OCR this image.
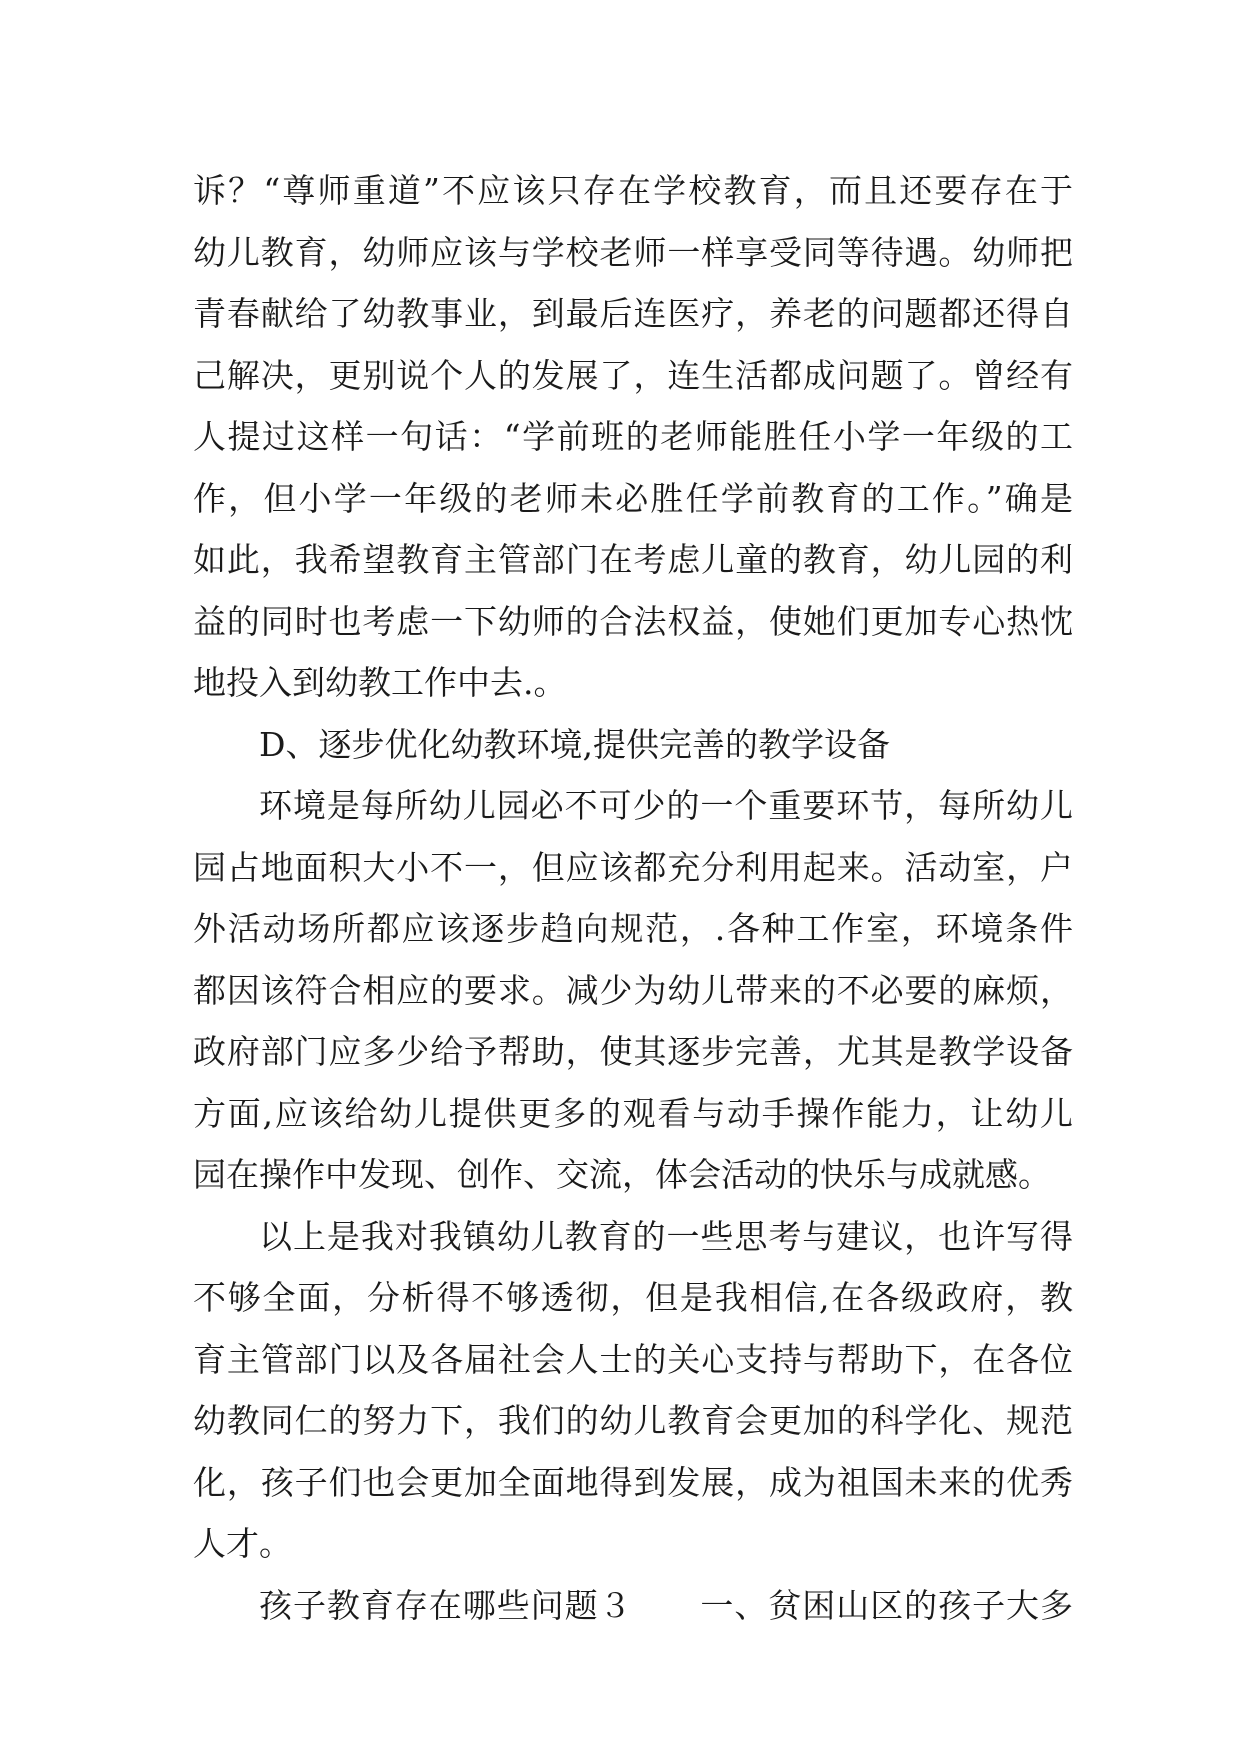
诉？“尊师重道”不应该只存在学校教育，而且还要存在于
幼儿教育，幼师应该与学校老师一样享受同等待遇。幼师把
青春献给了幼教事业，到最后连医疗，养老的问题都还得自
己解决，更别说个人的发展了，连生活都成问题了。曾经有
人提过这样一句话：“学前班的老师能胜任小学一年级的工
作，但小学一年级的老师未必胜任学前教育的工作。”确是
如此，我希望教育主管部门在考虑儿童的教育，幼儿园的利
益的同时也考虑一下幼师的合法权益，使她们更加专心热忱
地投入到幼教工作中去.。
D、逐步优化幼教环境,提供完善的教学设备
环境是每所幼儿园必不可少的一个重要环节，每所幼儿
园占地面积大小不一，但应该都充分利用起来。活动室，户
外活动场所都应该逐步趋向规范，.各种工作室，环境条件
都因该符合相应的要求。减少为幼儿带来的不必要的麻烦，
政府部门应多少给予帮助，使其逐步完善，尤其是教学设备
方面,应该给幼儿提供更多的观看与动手操作能力，让幼儿
园在操作中发现、创作、交流，体会活动的快乐与成就感。
以上是我对我镇幼儿教育的一些思考与建议，也许写得
不够全面，分析得不够透彻，但是我相信,在各级政府，教
育主管部门以及各届社会人士的关心支持与帮助下，在各位
幼教同仁的努力下，我们的幼儿教育会更加的科学化、规范
化，孩子们也会更加全面地得到发展，成为祖国未来的优秀
人才。
孩子教育存在哪些问题３　　一、贫困山区的孩子大多
